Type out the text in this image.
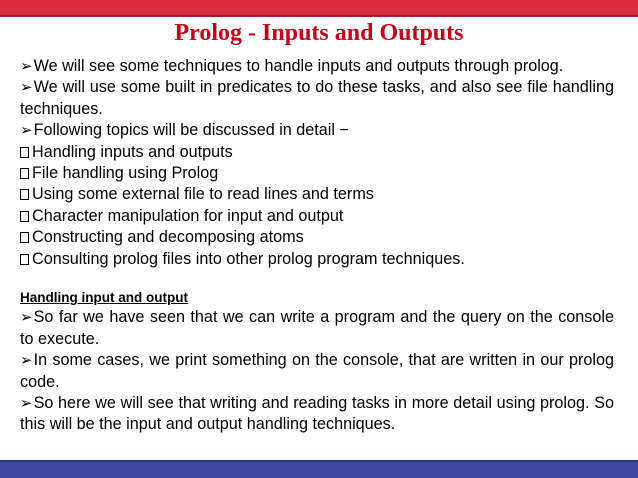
Prolog - Inputs and Outputs

➢We will see some techniques to handle inputs and outputs through prolog.

➢We will use some built in predicates to do these tasks, and also see file handling techniques.

➢Following topics will be discussed in detail −

Handling inputs and outputs

File handling using Prolog

Using some external file to read lines and terms

Character manipulation for input and output

Constructing and decomposing atoms

Consulting prolog files into other prolog program techniques.

Handling input and output

➢So far we have seen that we can write a program and the query on the console to execute.

➢In some cases, we print something on the console, that are written in our prolog code.

➢So here we will see that writing and reading tasks in more detail using prolog. So this will be the input and output handling techniques.
